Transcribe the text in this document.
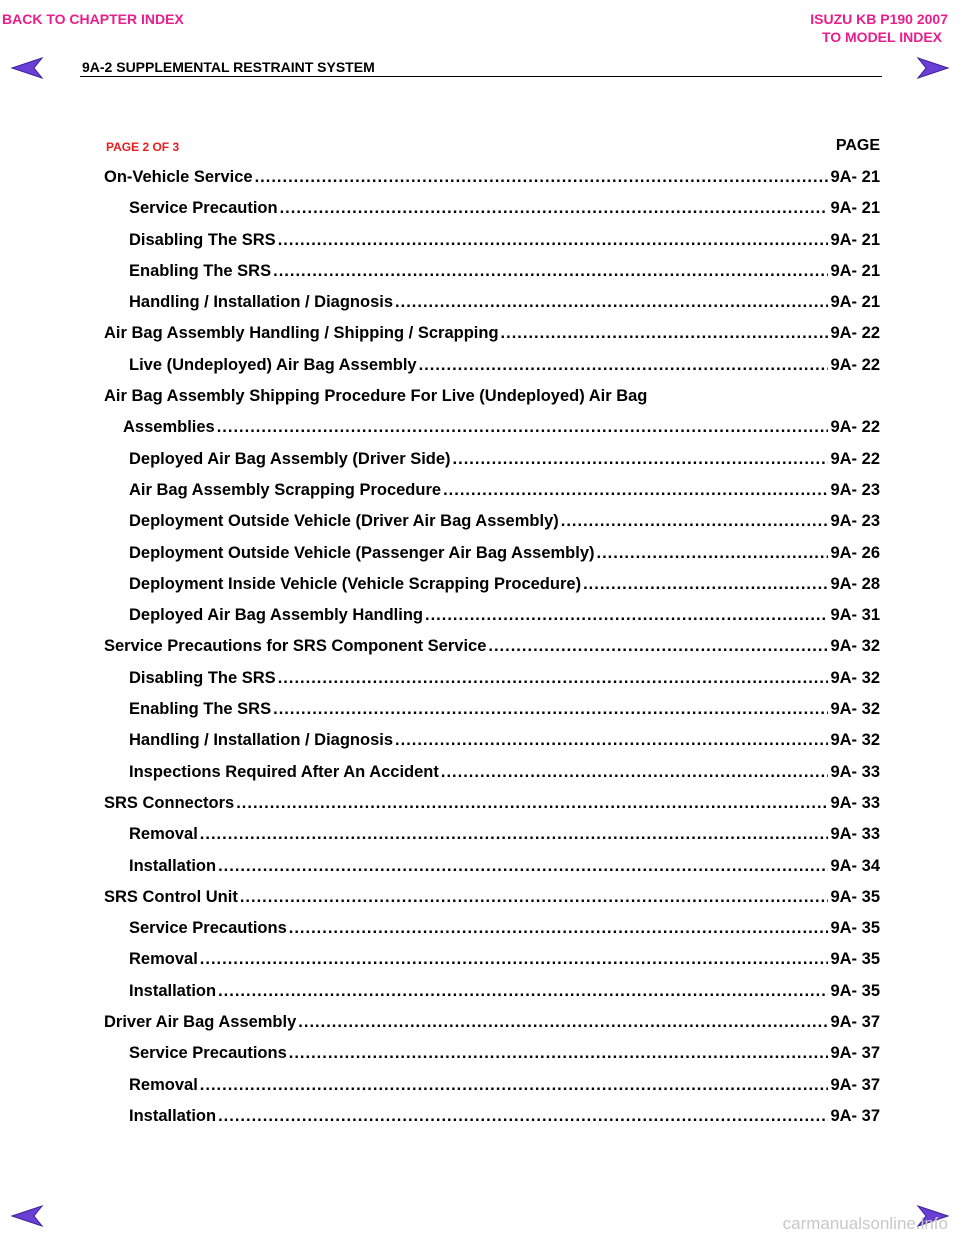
BACK TO CHAPTER INDEX	ISUZU KB P190 2007
TO MODEL INDEX
9A-2 SUPPLEMENTAL RESTRAINT SYSTEM
PAGE 2 OF 3	PAGE
On-Vehicle Service .....	9A- 21
Service Precaution .....	9A- 21
Disabling The SRS .....	9A- 21
Enabling The SRS .....	9A- 21
Handling / Installation / Diagnosis .....	9A- 21
Air Bag Assembly Handling / Shipping / Scrapping .....	9A- 22
Live (Undeployed) Air Bag Assembly .....	9A- 22
Air Bag Assembly Shipping Procedure For Live (Undeployed) Air Bag
Assemblies .....	9A- 22
Deployed Air Bag Assembly (Driver Side) .....	9A- 22
Air Bag Assembly Scrapping Procedure .....	9A- 23
Deployment Outside Vehicle (Driver Air Bag Assembly) .....	9A- 23
Deployment Outside Vehicle (Passenger Air Bag Assembly) .....	9A- 26
Deployment Inside Vehicle (Vehicle Scrapping Procedure) .....	9A- 28
Deployed Air Bag Assembly Handling .....	9A- 31
Service Precautions for SRS Component Service .....	9A- 32
Disabling The SRS .....	9A- 32
Enabling The SRS .....	9A- 32
Handling / Installation / Diagnosis .....	9A- 32
Inspections Required After An Accident .....	9A- 33
SRS Connectors .....	9A- 33
Removal .....	9A- 33
Installation .....	9A- 34
SRS Control Unit .....	9A- 35
Service Precautions .....	9A- 35
Removal .....	9A- 35
Installation .....	9A- 35
Driver Air Bag Assembly .....	9A- 37
Service Precautions .....	9A- 37
Removal .....	9A- 37
Installation .....	9A- 37
carmanualsonline.info
